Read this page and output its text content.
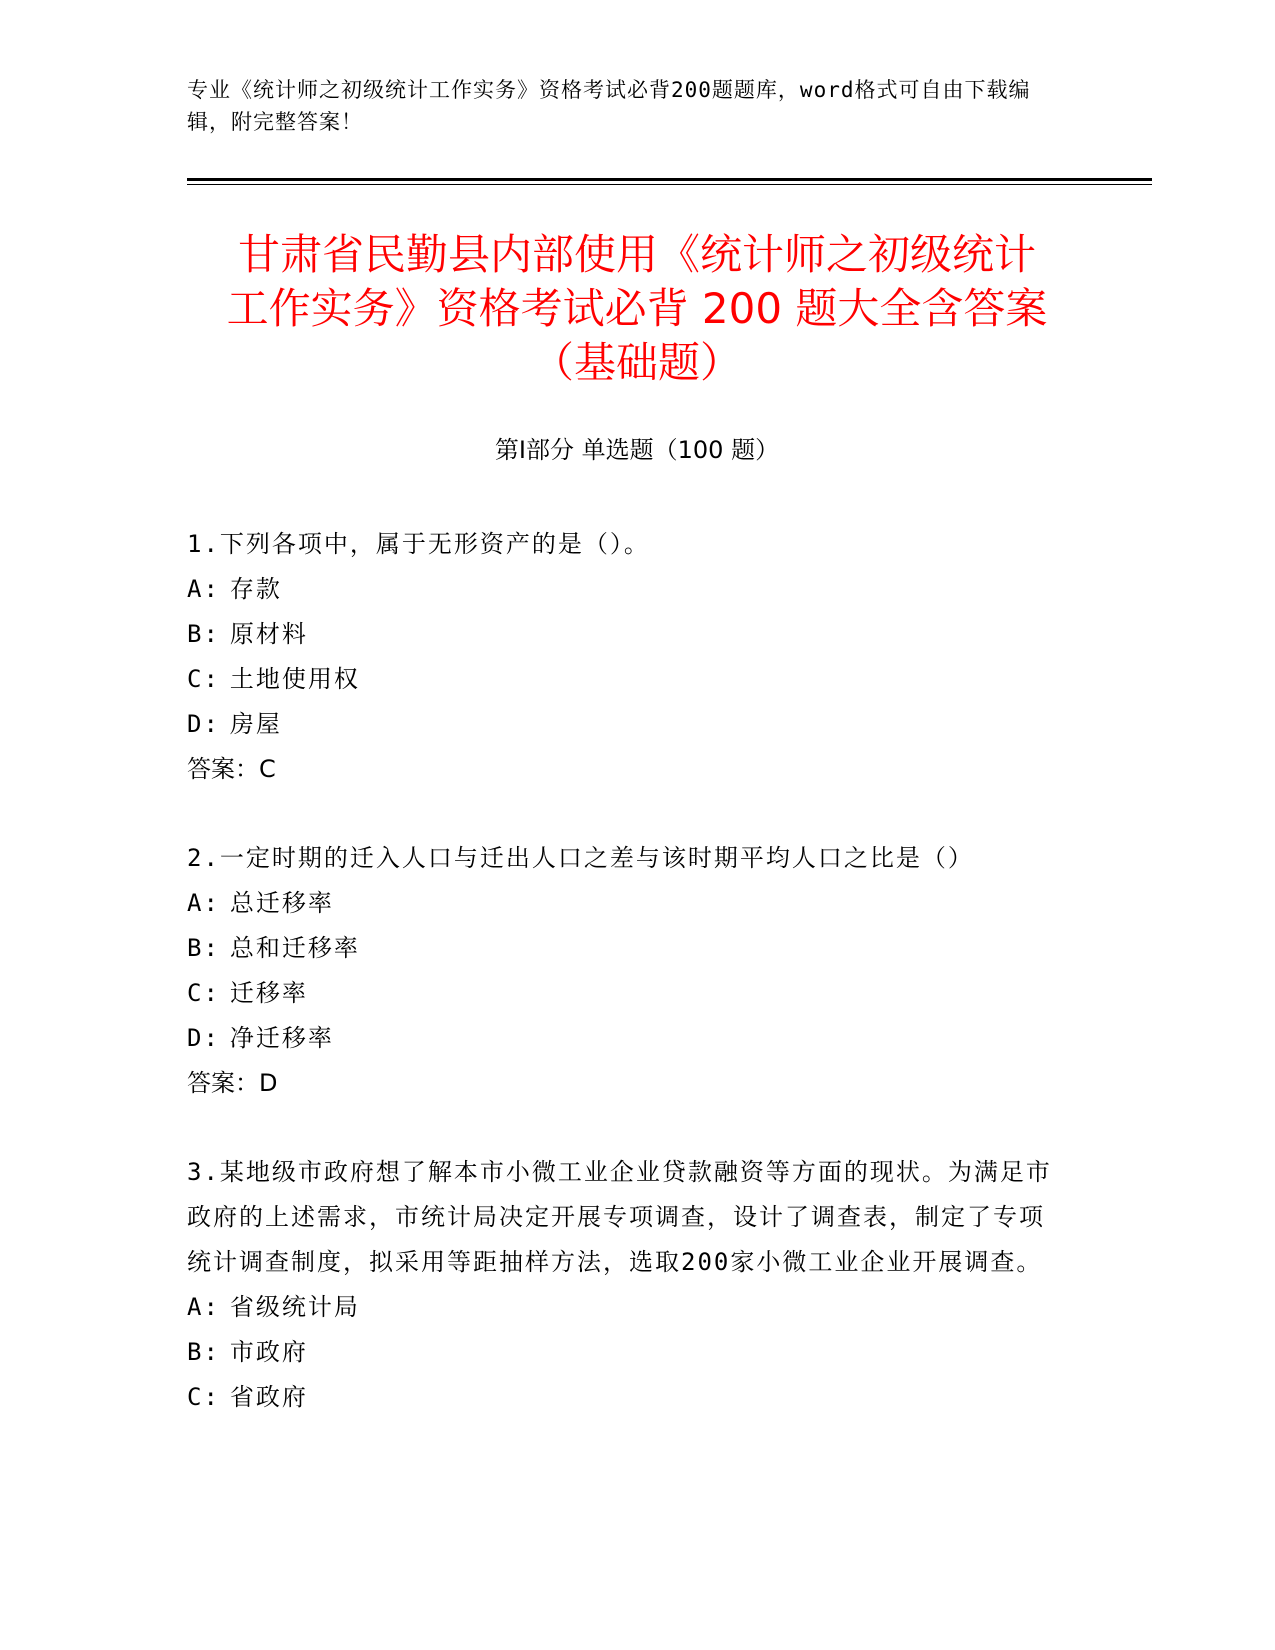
专业《统计师之初级统计工作实务》资格考试必背200题题库，word格式可自由下载编辑，附完整答案！
甘肃省民勤县内部使用《统计师之初级统计
工作实务》资格考试必背 200 题大全含答案
（基础题）
第Ⅰ部分 单选题（100 题）
1.下列各项中，属于无形资产的是（）。
A: 存款
B: 原材料
C: 土地使用权
D: 房屋
答案：C
2.一定时期的迁入人口与迁出人口之差与该时期平均人口之比是（）
A: 总迁移率
B: 总和迁移率
C: 迁移率
D: 净迁移率
答案：D
3.某地级市政府想了解本市小微工业企业贷款融资等方面的现状。为满足市政府的上述需求，市统计局决定开展专项调查，设计了调查表，制定了专项统计调查制度，拟采用等距抽样方法，选取200家小微工业企业开展调查。
A: 省级统计局
B: 市政府
C: 省政府
